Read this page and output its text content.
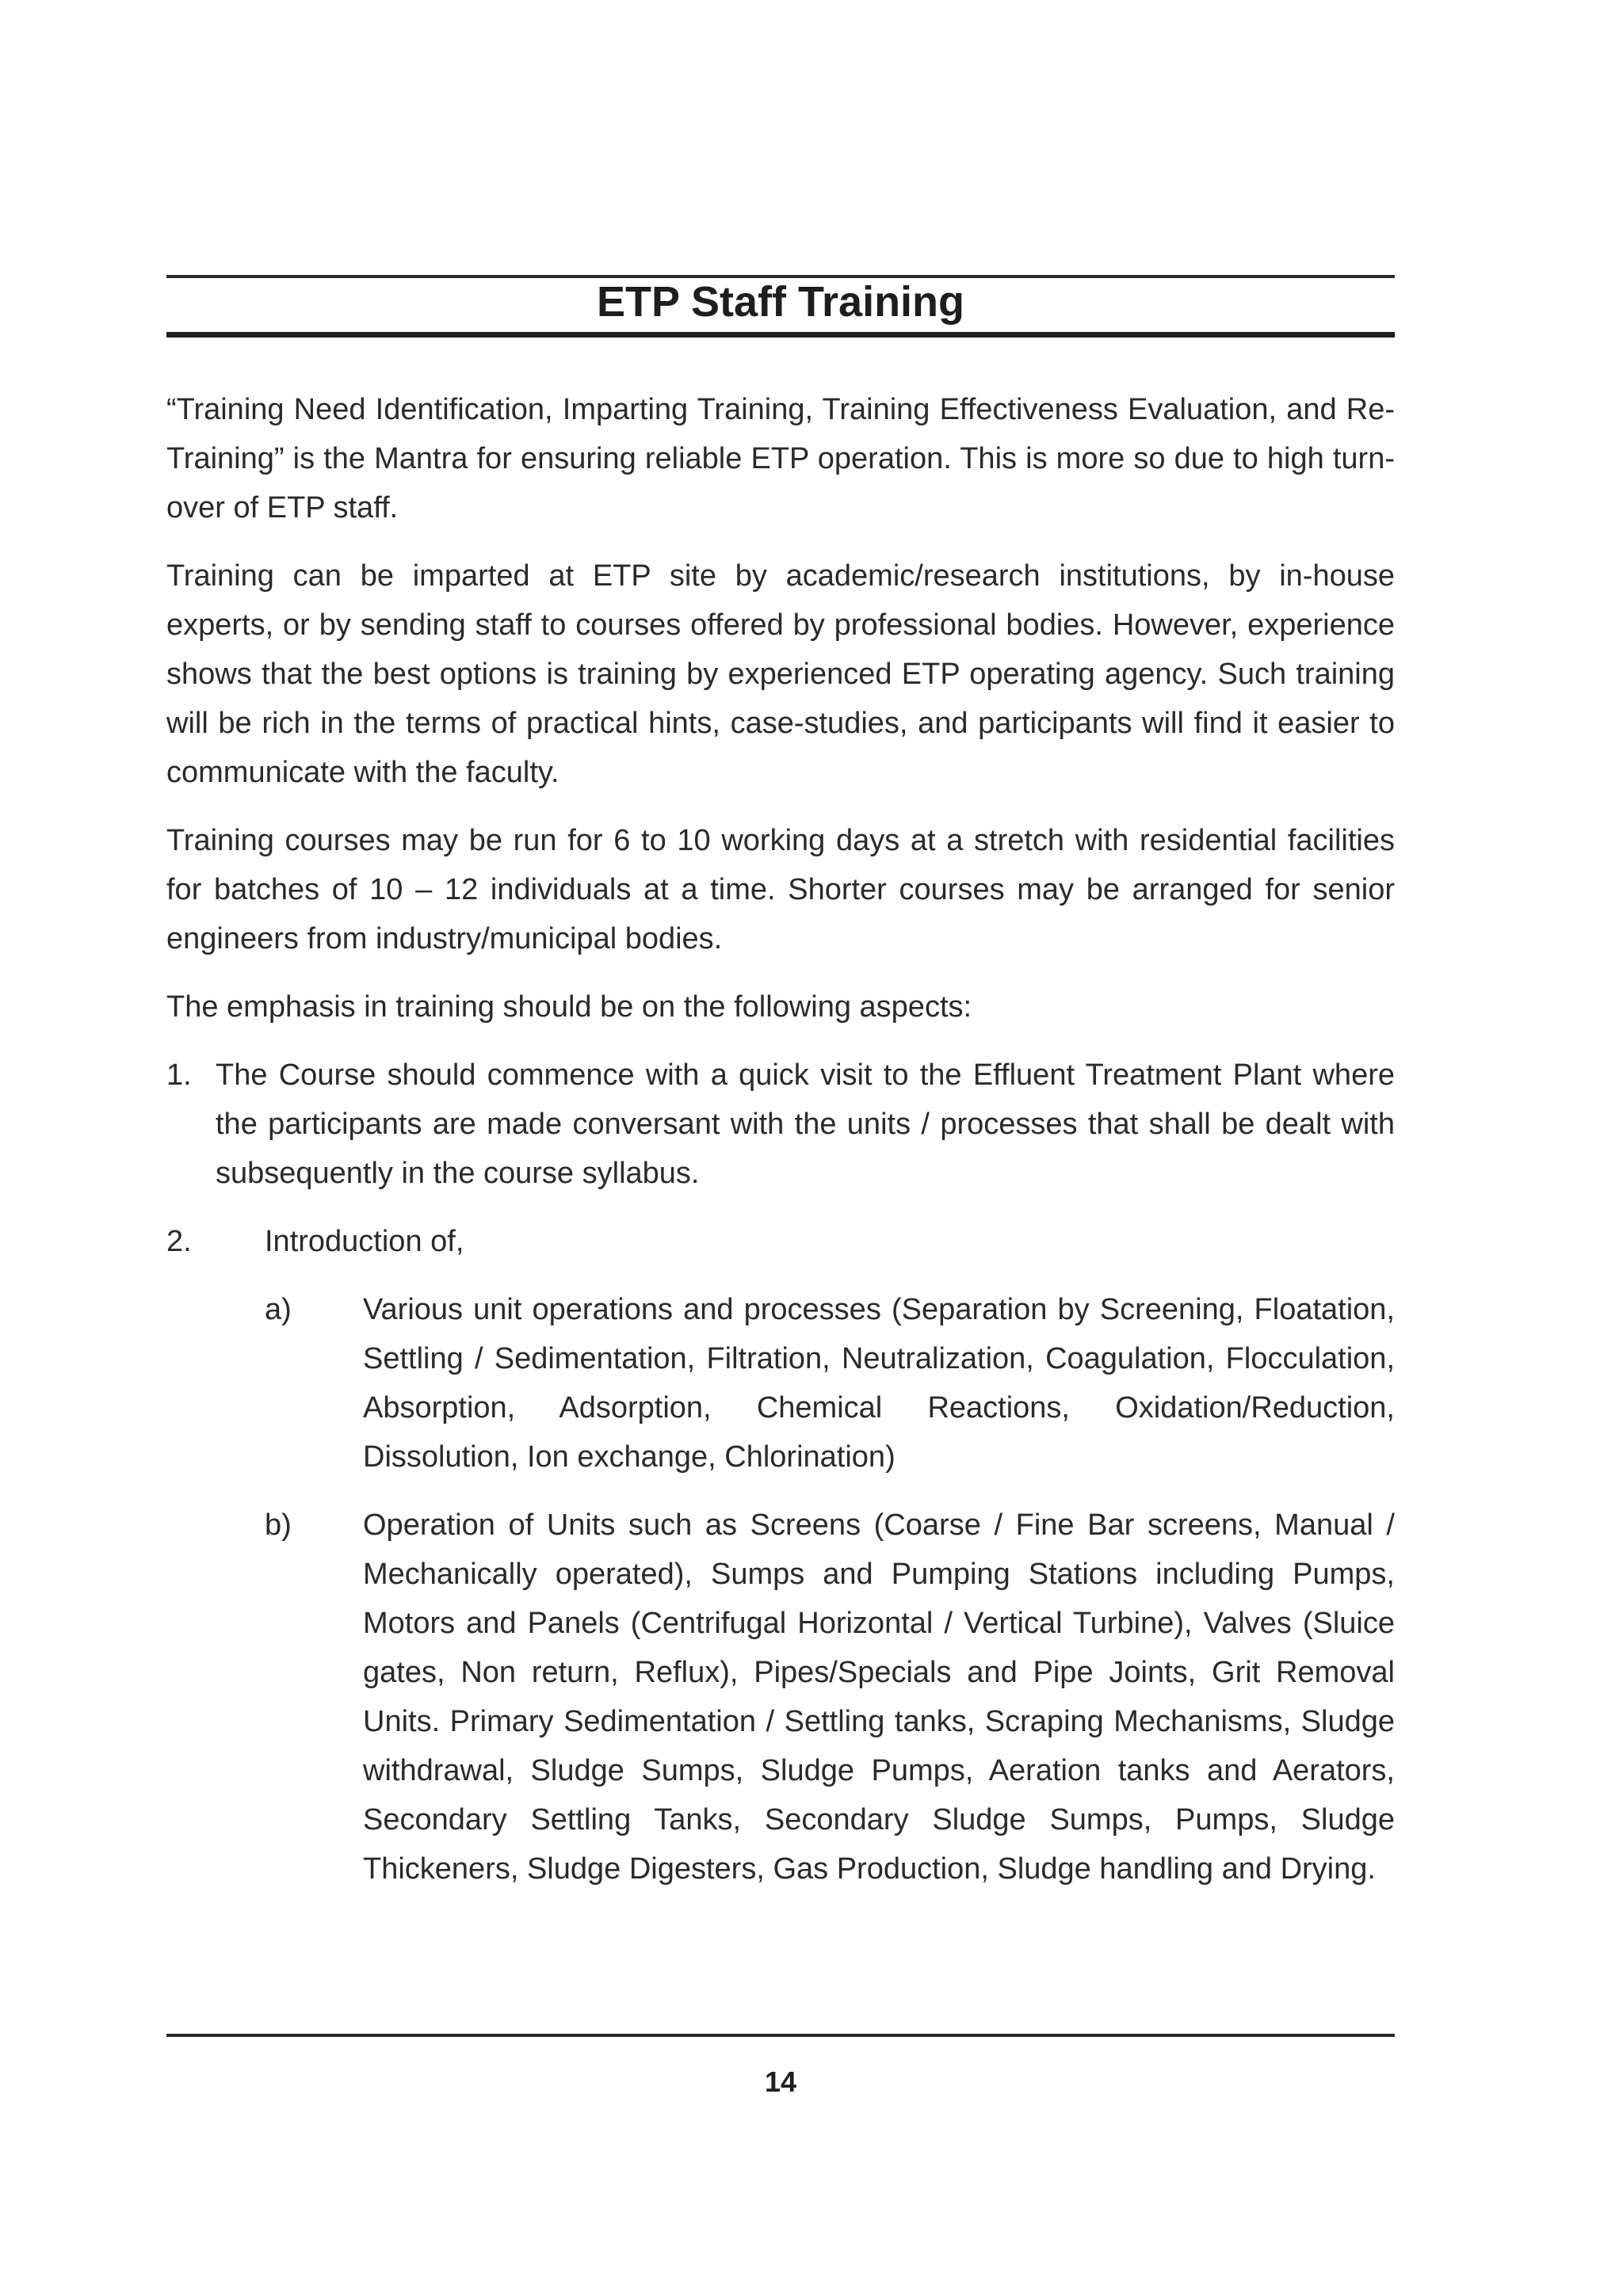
ETP Staff Training

“Training Need Identification, Imparting Training, Training Effectiveness Evaluation, and Re-Training” is the Mantra for ensuring reliable ETP operation. This is more so due to high turn-over of ETP staff.

Training can be imparted at ETP site by academic/research institutions, by in-house experts, or by sending staff to courses offered by professional bodies. However, experience shows that the best options is training by experienced ETP operating agency. Such training will be rich in the terms of practical hints, case-studies, and participants will find it easier to communicate with the faculty.

Training courses may be run for 6 to 10 working days at a stretch with residential facilities for batches of 10 – 12 individuals at a time. Shorter courses may be arranged for senior engineers from industry/municipal bodies.

The emphasis in training should be on the following aspects:

1. The Course should commence with a quick visit to the Effluent Treatment Plant where the participants are made conversant with the units / processes that shall be dealt with subsequently in the course syllabus.
2.	Introduction of,
a)	Various unit operations and processes (Separation by Screening, Floatation, Settling / Sedimentation, Filtration, Neutralization, Coagulation, Flocculation, Absorption, Adsorption, Chemical Reactions, Oxidation/Reduction, Dissolution, Ion exchange, Chlorination)
b)	Operation of Units such as Screens (Coarse / Fine Bar screens, Manual / Mechanically operated), Sumps and Pumping Stations including Pumps, Motors and Panels (Centrifugal Horizontal / Vertical Turbine), Valves (Sluice gates, Non return, Reflux), Pipes/Specials and Pipe Joints, Grit Removal Units. Primary Sedimentation / Settling tanks, Scraping Mechanisms, Sludge withdrawal, Sludge Sumps, Sludge Pumps, Aeration tanks and Aerators, Secondary Settling Tanks, Secondary Sludge Sumps, Pumps, Sludge Thickeners, Sludge Digesters, Gas Production, Sludge handling and Drying.
14
